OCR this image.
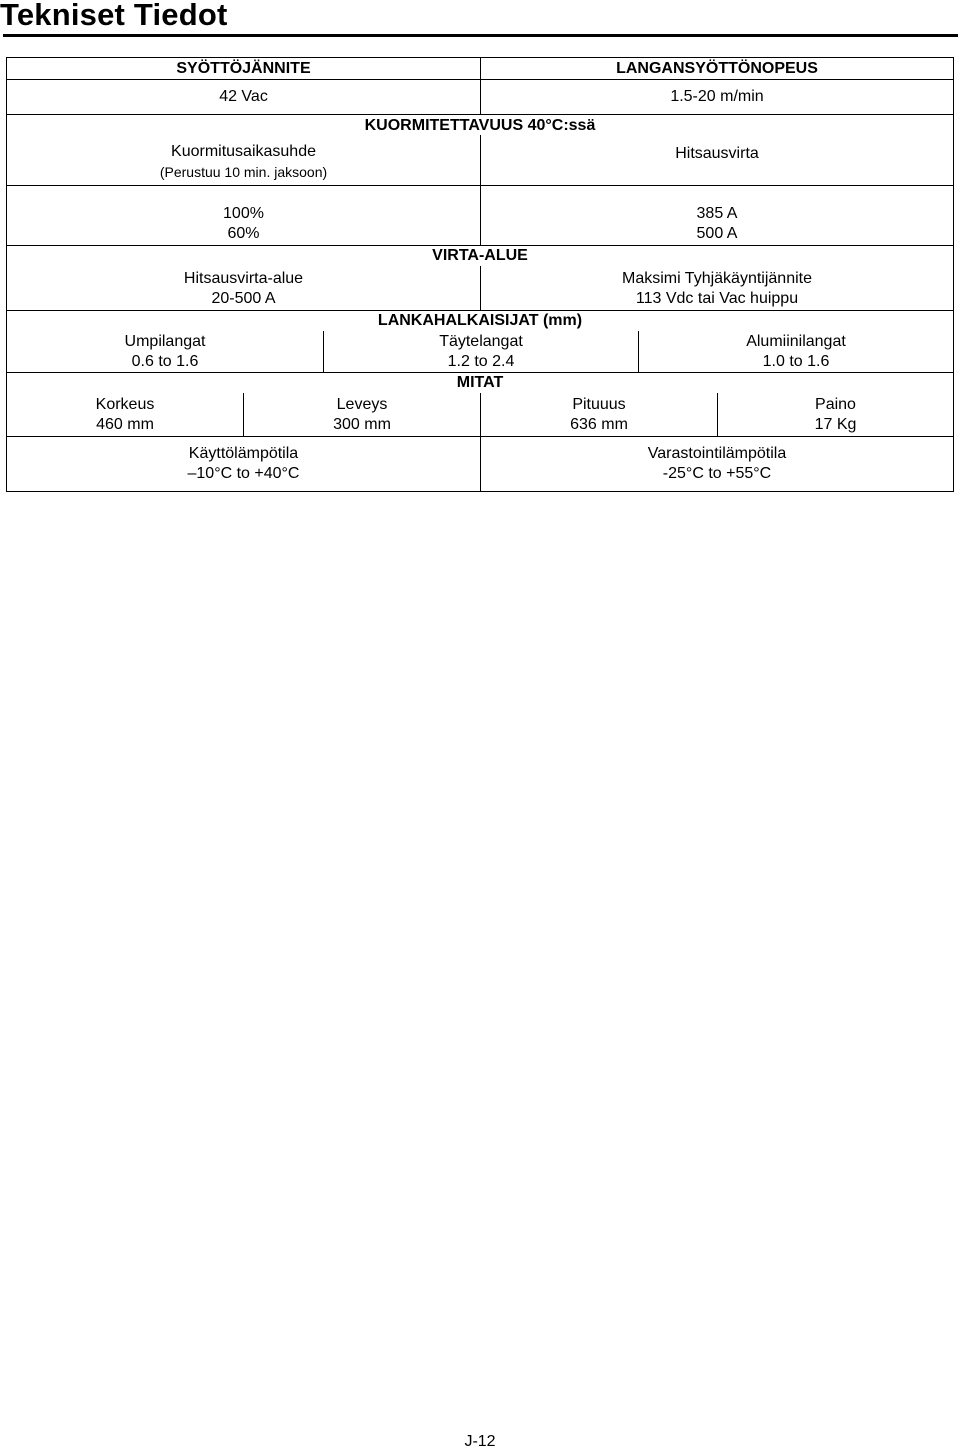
Tekniset Tiedot
SYÖTTÖJÄNNITE	LANGANSYÖTTÖNOPEUS
42 Vac	1.5-20 m/min
KUORMITETTAVUUS 40°C:ssä
Kuormitusaikasuhde
(Perustuu 10 min. jaksoon)
Hitsausvirta
100%
60%
385 A
500 A
VIRTA-ALUE
Hitsausvirta-alue
20-500 A
Maksimi Tyhjäkäyntijännite
113 Vdc tai Vac huippu
LANKAHALKAISIJAT (mm)
Umpilangat
0.6 to 1.6
Täytelangat
1.2 to 2.4
Alumiinilangat
1.0 to 1.6
MITAT
Korkeus
460 mm
Leveys
300 mm
Pituuus
636 mm
Paino
17 Kg
Käyttölämpötila
–10°C to +40°C
Varastointilämpötila
-25°C to +55°C
J-12
